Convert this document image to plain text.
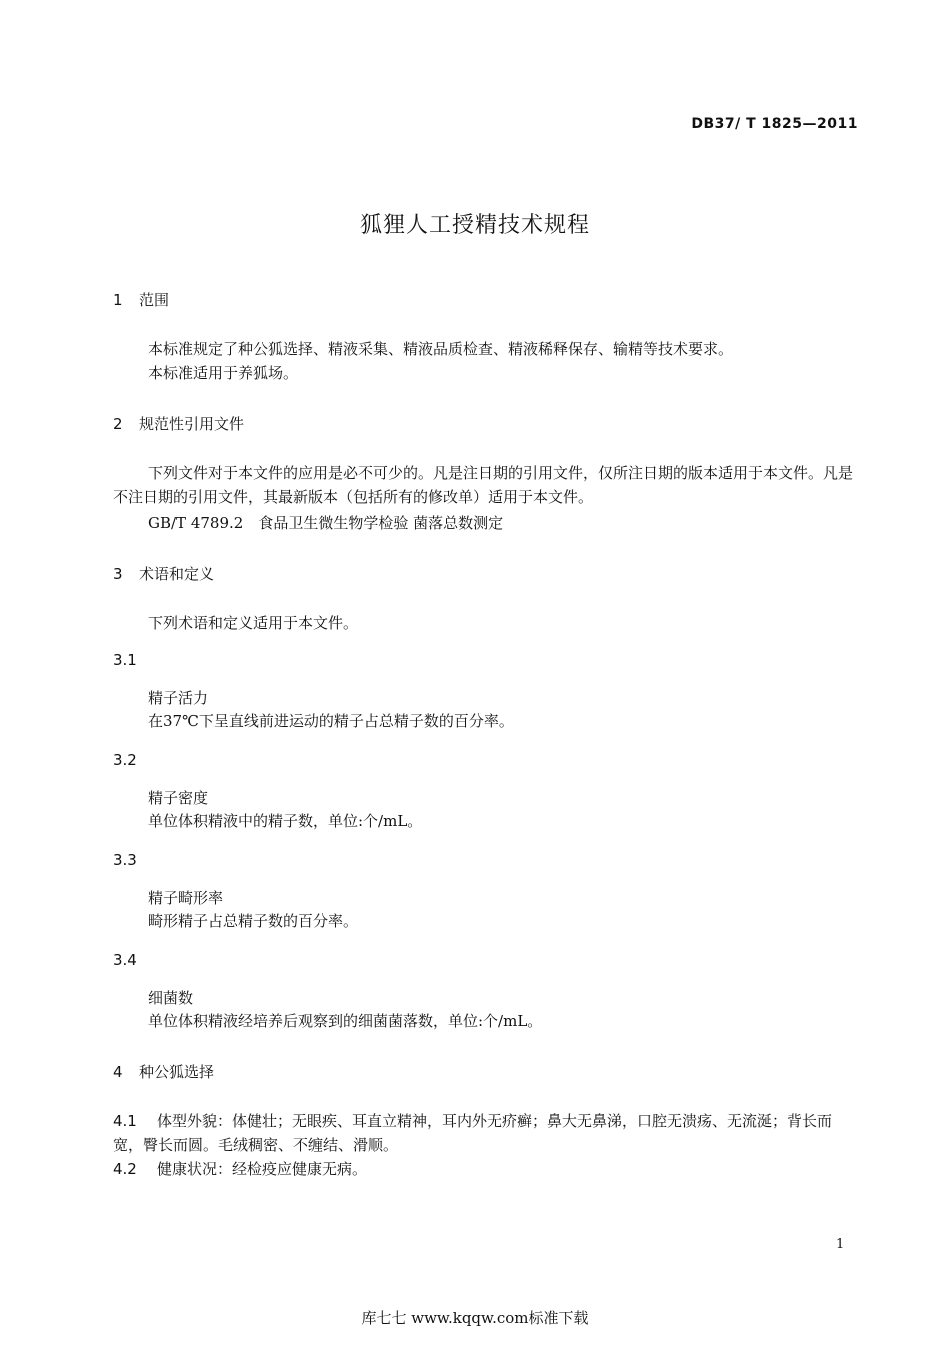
DB37/ T 1825—2011
狐狸人工授精技术规程
1 范围
本标准规定了种公狐选择、精液采集、精液品质检查、精液稀释保存、输精等技术要求。
本标准适用于养狐场。
2 规范性引用文件
下列文件对于本文件的应用是必不可少的。凡是注日期的引用文件，仅所注日期的版本适用于本文件。凡是不注日期的引用文件，其最新版本（包括所有的修改单）适用于本文件。
GB/T 4789.2　食品卫生微生物学检验 菌落总数测定
3 术语和定义
下列术语和定义适用于本文件。
3.1
精子活力
在37℃下呈直线前进运动的精子占总精子数的百分率。
3.2
精子密度
单位体积精液中的精子数，单位:个/mL。
3.3
精子畸形率
畸形精子占总精子数的百分率。
3.4
细菌数
单位体积精液经培养后观察到的细菌菌落数，单位:个/mL。
4 种公狐选择
4.1 体型外貌：体健壮；无眼疾、耳直立精神，耳内外无疥癣；鼻大无鼻涕，口腔无溃疡、无流涎；背长而宽，臀长而圆。毛绒稠密、不缠结、滑顺。
4.2 健康状况：经检疫应健康无病。
1
库七七 www.kqqw.com标准下载
